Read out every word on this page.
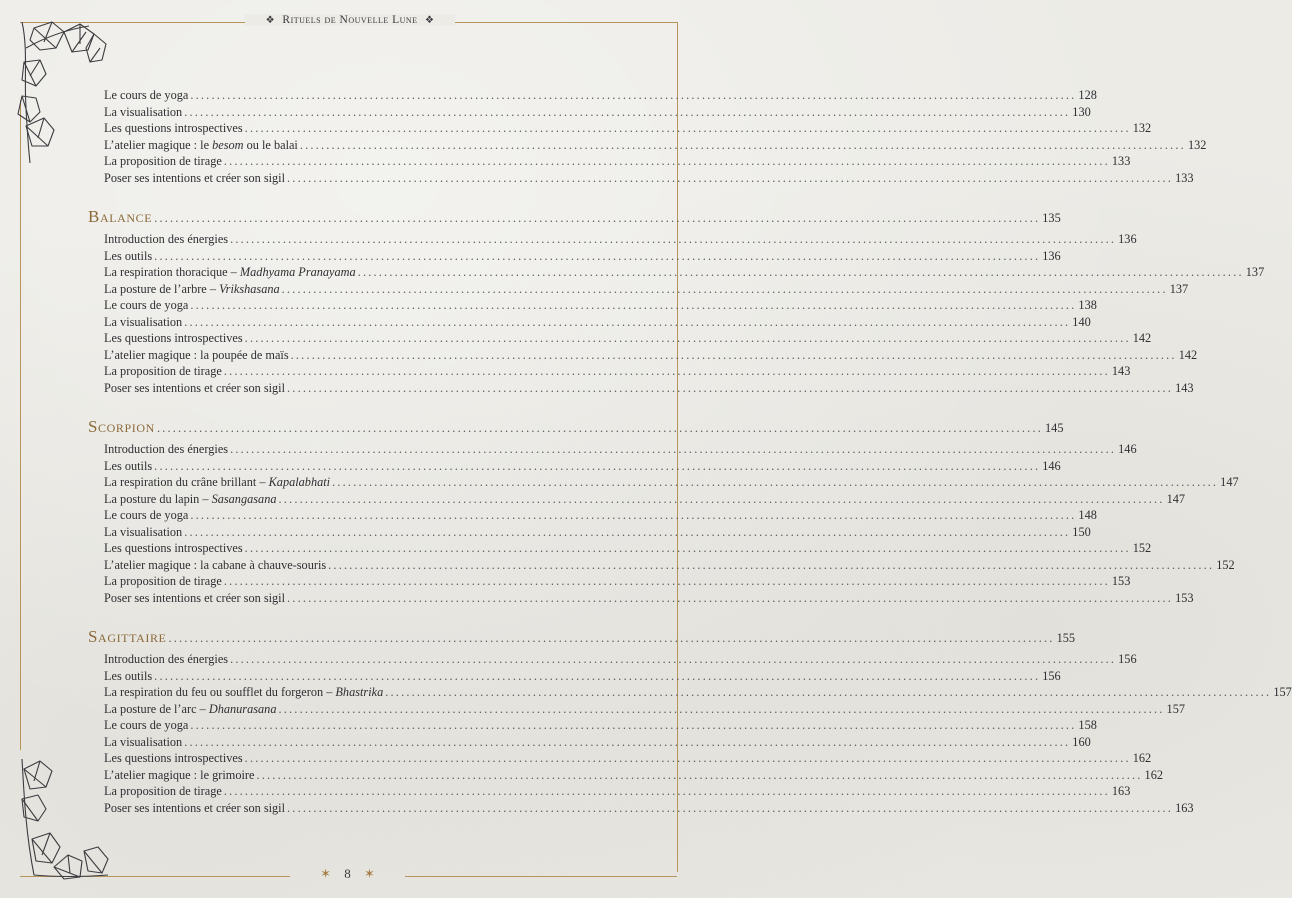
❖ Rituels de Nouvelle Lune ❖
Le cours de yoga ........................................................................................................................................................................ 128
La visualisation ........................................................................................................................................................................ 130
Les questions introspectives ........................................................................................................................................................................ 132
L’atelier magique : le besom ou le balai ........................................................................................................................................................................ 132
La proposition de tirage ........................................................................................................................................................................ 133
Poser ses intentions et créer son sigil ........................................................................................................................................................................ 133
Balance ........................................................................................................................................................................ 135
Introduction des énergies ........................................................................................................................................................................ 136
Les outils ........................................................................................................................................................................ 136
La respiration thoracique – Madhyama Pranayama ........................................................................................................................................................................ 137
La posture de l’arbre – Vrikshasana ........................................................................................................................................................................ 137
Le cours de yoga ........................................................................................................................................................................ 138
La visualisation ........................................................................................................................................................................ 140
Les questions introspectives ........................................................................................................................................................................ 142
L’atelier magique : la poupée de maïs ........................................................................................................................................................................ 142
La proposition de tirage ........................................................................................................................................................................ 143
Poser ses intentions et créer son sigil ........................................................................................................................................................................ 143
Scorpion ........................................................................................................................................................................ 145
Introduction des énergies ........................................................................................................................................................................ 146
Les outils ........................................................................................................................................................................ 146
La respiration du crâne brillant – Kapalabhati ........................................................................................................................................................................ 147
La posture du lapin – Sasangasana ........................................................................................................................................................................ 147
Le cours de yoga ........................................................................................................................................................................ 148
La visualisation ........................................................................................................................................................................ 150
Les questions introspectives ........................................................................................................................................................................ 152
L’atelier magique : la cabane à chauve-souris ........................................................................................................................................................................ 152
La proposition de tirage ........................................................................................................................................................................ 153
Poser ses intentions et créer son sigil ........................................................................................................................................................................ 153
Sagittaire ........................................................................................................................................................................ 155
Introduction des énergies ........................................................................................................................................................................ 156
Les outils ........................................................................................................................................................................ 156
La respiration du feu ou soufflet du forgeron – Bhastrika ........................................................................................................................................................................ 157
La posture de l’arc – Dhanurasana ........................................................................................................................................................................ 157
Le cours de yoga ........................................................................................................................................................................ 158
La visualisation ........................................................................................................................................................................ 160
Les questions introspectives ........................................................................................................................................................................ 162
L’atelier magique : le grimoire ........................................................................................................................................................................ 162
La proposition de tirage ........................................................................................................................................................................ 163
Poser ses intentions et créer son sigil ........................................................................................................................................................................ 163
✶ 8 ✶
